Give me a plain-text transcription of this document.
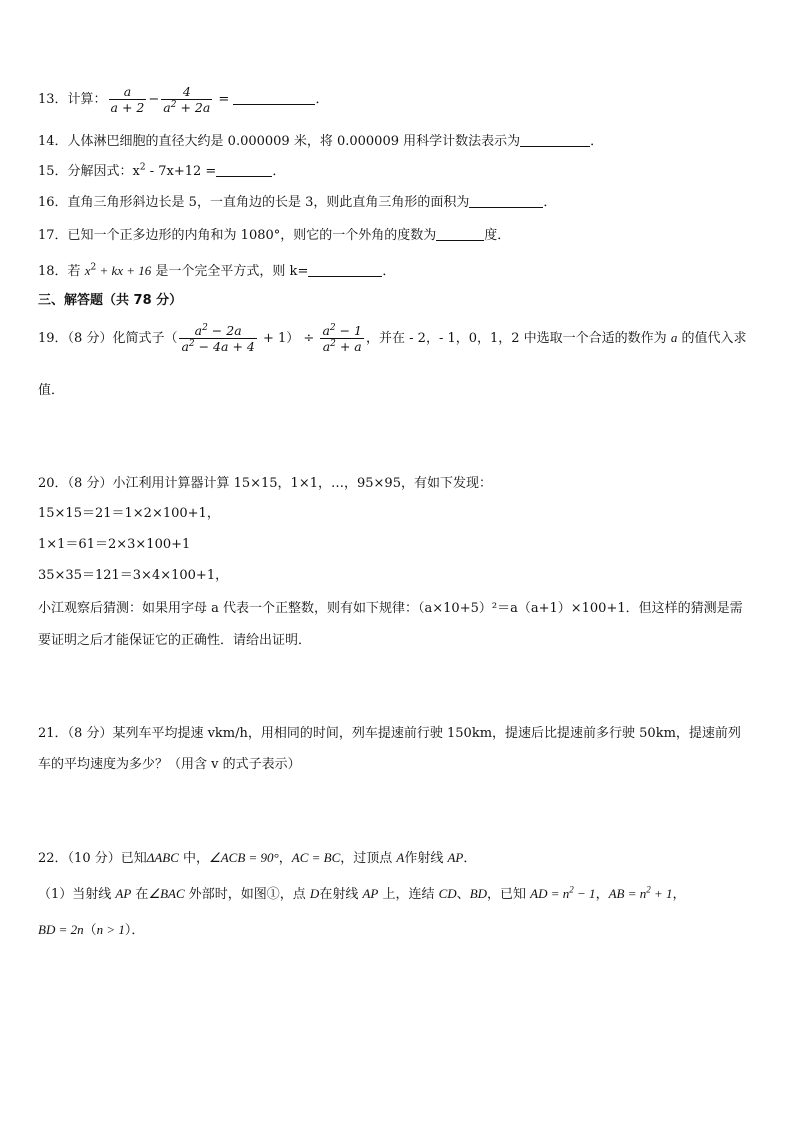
13．计算： $\frac{a}{a + 2} - \frac{4}{a^2 + 2a}$ =	．
14．人体淋巴细胞的直径大约是 0.000009 米，将 0.000009 用科学计数法表示为	．
15．分解因式：$x^2 - 7x+12$ =	．
16．直角三角形斜边长是 5，一直角边的长是 3，则此直角三角形的面积为	．
17．已知一个正多边形的内角和为 1080°，则它的一个外角的度数为	度．
18．若 $x^2$ + kx + 16 是一个完全平方式，则 k=	．
三、解答题（共 78 分）
19．（8 分）化简式子（ $\frac{a^2 - 2a}{a^2 - 4a + 4} + 1) \div \frac{a^2 - 1}{a^2 + a}$ ，并在 - 2，- 1，0，1，2 中选取一个合适的数作为 a 的值代入求
值．
20．（8 分）小江利用计算器计算 15×15，1×1，…，95×95，有如下发现：
15×15＝21＝1×2×100+1，
1×1＝61＝2×3×100+1
35×35＝121＝3×4×100+1，
小江观察后猜测：如果用字母 a 代表一个正整数，则有如下规律：（a×10+5）²＝a（a+1）×100+1．但这样的猜测是需
要证明之后才能保证它的正确性．请给出证明．
21．（8 分）某列车平均提速 vkm/h，用相同的时间，列车提速前行驶 150km，提速后比提速前多行驶 50km，提速前列
车的平均速度为多少？（用含 v 的式子表示）
22．（10 分）已知ΔABC 中，∠ACB = 90°，AC = BC，过顶点 A作射线 AP．
（1）当射线 AP 在∠BAC 外部时，如图①，点 D在射线 AP 上，连结 CD、BD，已知 AD = $n^2 - 1$，AB = $n^2 + 1$，
BD = 2n（n > 1）．
